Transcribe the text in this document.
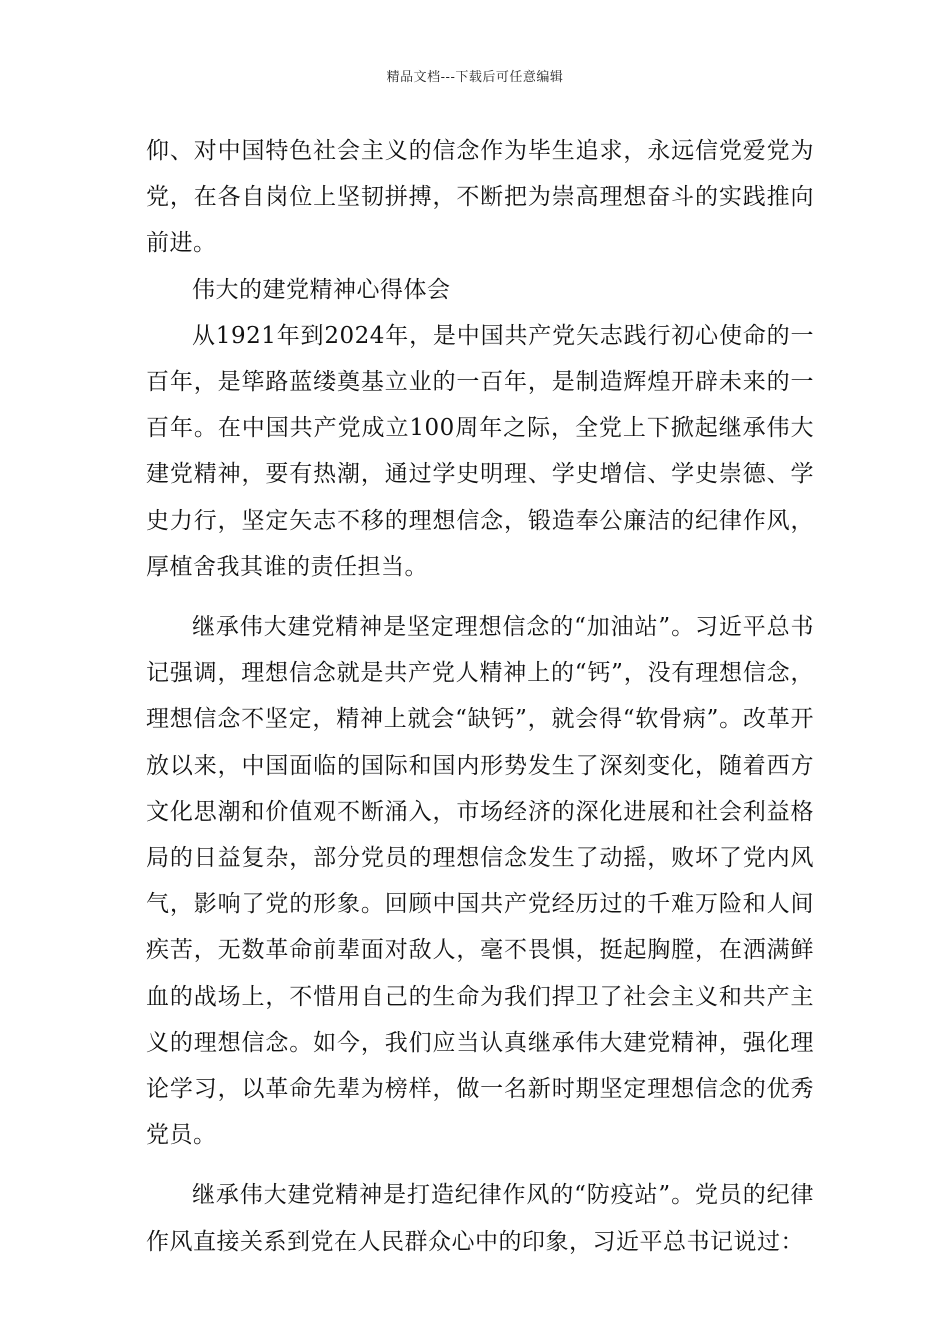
精品文档---下载后可任意编辑

仰、对中国特色社会主义的信念作为毕生追求，永远信党爱党为党，在各自岗位上坚韧拼搏，不断把为崇高理想奋斗的实践推向前进。

伟大的建党精神心得体会

从1921年到2024年，是中国共产党矢志践行初心使命的一百年，是筚路蓝缕奠基立业的一百年，是制造辉煌开辟未来的一百年。在中国共产党成立100周年之际，全党上下掀起继承伟大建党精神，要有热潮，通过学史明理、学史增信、学史崇德、学史力行，坚定矢志不移的理想信念，锻造奉公廉洁的纪律作风，厚植舍我其谁的责任担当。

继承伟大建党精神是坚定理想信念的“加油站”。习近平总书记强调，理想信念就是共产党人精神上的“钙”，没有理想信念，理想信念不坚定，精神上就会“缺钙”，就会得“软骨病”。改革开放以来，中国面临的国际和国内形势发生了深刻变化，随着西方文化思潮和价值观不断涌入，市场经济的深化进展和社会利益格局的日益复杂，部分党员的理想信念发生了动摇，败坏了党内风气，影响了党的形象。回顾中国共产党经历过的千难万险和人间疾苦，无数革命前辈面对敌人，毫不畏惧，挺起胸膛，在洒满鲜血的战场上，不惜用自己的生命为我们捍卫了社会主义和共产主义的理想信念。如今，我们应当认真继承伟大建党精神，强化理论学习，以革命先辈为榜样，做一名新时期坚定理想信念的优秀党员。

继承伟大建党精神是打造纪律作风的“防疫站”。党员的纪律作风直接关系到党在人民群众心中的印象，习近平总书记说过：
